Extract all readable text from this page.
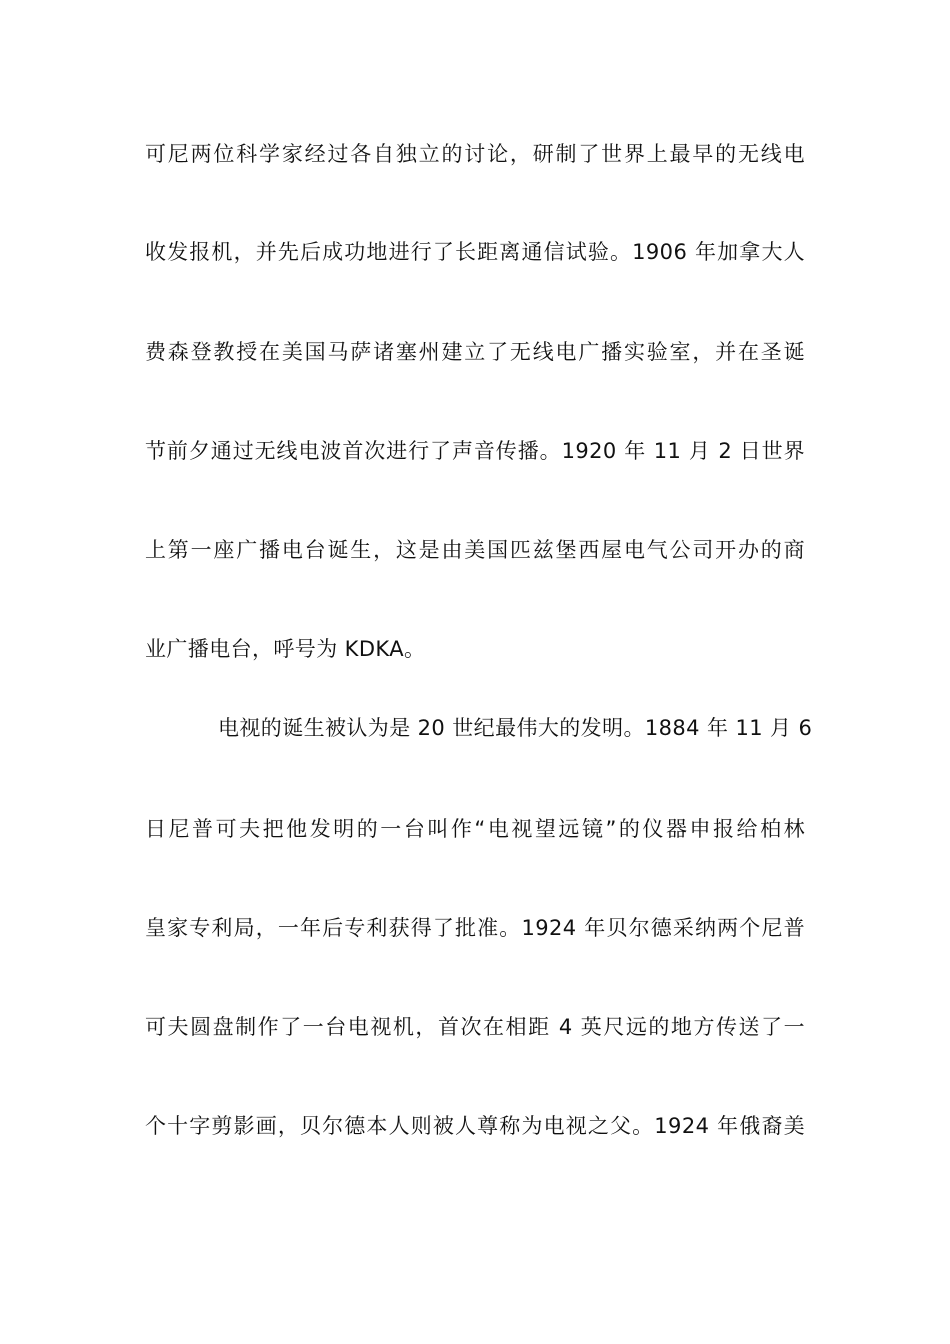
可尼两位科学家经过各自独立的讨论，研制了世界上最早的无线电
收发报机，并先后成功地进行了长距离通信试验。1906 年加拿大人
费森登教授在美国马萨诸塞州建立了无线电广播实验室，并在圣诞
节前夕通过无线电波首次进行了声音传播。1920 年 11 月 2 日世界
上第一座广播电台诞生，这是由美国匹兹堡西屋电气公司开办的商
业广播电台，呼号为 KDKA。
电视的诞生被认为是 20 世纪最伟大的发明。1884 年 11 月 6
日尼普可夫把他发明的一台叫作“电视望远镜”的仪器申报给柏林
皇家专利局，一年后专利获得了批准。1924 年贝尔德采纳两个尼普
可夫圆盘制作了一台电视机，首次在相距 4 英尺远的地方传送了一
个十字剪影画，贝尔德本人则被人尊称为电视之父。1924 年俄裔美
